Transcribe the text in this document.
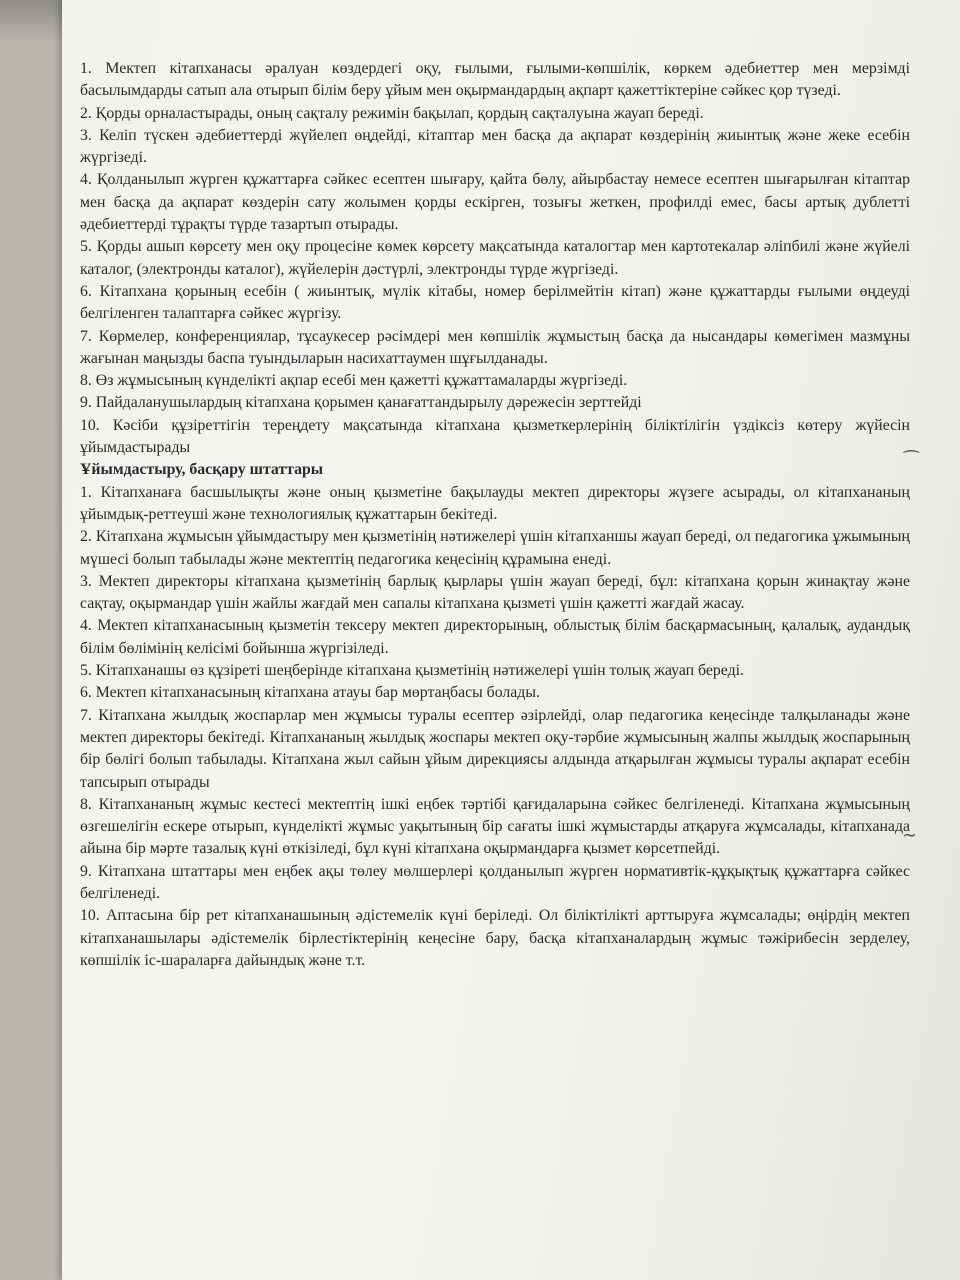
1. Мектеп кітапханасы әралуан көздердегі оқу, ғылыми, ғылыми-көпшілік, көркем әдебиеттер мен мерзімді басылымдарды сатып ала отырып білім беру ұйым мен оқырмандардың ақпарт қажеттіктеріне сәйкес қор түзеді.

2. Қорды орналастырады, оның сақталу режимін бақылап, қордың сақталуына жауап береді.

3. Келіп түскен әдебиеттерді жүйелеп өңдейді, кітаптар мен басқа да ақпарат көздерінің жиынтық және жеке есебін жүргізеді.

4. Қолданылып жүрген құжаттарға сәйкес есептен шығару, қайта бөлу, айырбастау немесе есептен шығарылған кітаптар мен басқа да ақпарат көздерін сату жолымен қорды ескірген, тозығы жеткен, профилді емес, басы артық дублетті әдебиеттерді тұрақты түрде тазартып отырады.

5. Қорды ашып көрсету мен оқу процесіне көмек көрсету мақсатында каталогтар мен картотекалар әліпбилі және жүйелі каталог, (электронды каталог), жүйелерін дәстүрлі, электронды түрде жүргізеді.

6. Кітапхана қорының есебін ( жиынтық, мүлік кітабы, номер берілмейтін кітап) және құжаттарды ғылыми өңдеуді белгіленген талаптарға сәйкес жүргізу.

7. Көрмелер, конференциялар, тұсаукесер рәсімдері мен көпшілік жұмыстың басқа да нысандары көмегімен мазмұны жағынан маңызды баспа туындыларын насихаттаумен шұғылданады.

8. Өз жұмысының күнделікті ақпар есебі мен қажетті құжаттамаларды жүргізеді.

9. Пайдаланушылардың кітапхана қорымен қанағаттандырылу дәрежесін зерттейді

10. Кәсіби құзіреттігін тереңдету мақсатында кітапхана қызметкерлерінің біліктілігін үздіксіз көтеру жүйесін ұйымдастырады

Ұйымдастыру, басқару штаттары

1. Кітапханаға басшылықты және оның қызметіне бақылауды мектеп директоры жүзеге асырады, ол кітапхананың ұйымдық-реттеуші және технологиялық құжаттарын бекітеді.

2. Кітапхана жұмысын ұйымдастыру мен қызметінің нәтижелері үшін кітапханшы жауап береді, ол педагогика ұжымының мүшесі болып табылады және мектептің педагогика кеңесінің құрамына енеді.

3. Мектеп директоры кітапхана қызметінің барлық қырлары үшін жауап береді, бұл: кітапхана қорын жинақтау және сақтау, оқырмандар үшін жайлы жағдай мен сапалы кітапхана қызметі үшін қажетті жағдай жасау.

4. Мектеп кітапханасының қызметін тексеру мектеп директорының, облыстық білім басқармасының, қалалық, аудандық білім бөлімінің келісімі бойынша жүргізіледі.

5. Кітапханашы өз құзіреті шеңберінде кітапхана қызметінің нәтижелері үшін толық жауап береді.

6. Мектеп кітапханасының кітапхана атауы бар мөртаңбасы болады.

7. Кітапхана жылдық жоспарлар мен жұмысы туралы есептер әзірлейді, олар педагогика кеңесінде талқыланады және мектеп директоры бекітеді. Кітапхананың жылдық жоспары мектеп оқу-тәрбие жұмысының жалпы жылдық жоспарының бір бөлігі болып табылады. Кітапхана жыл сайын ұйым дирекциясы алдында атқарылған жұмысы туралы ақпарат есебін тапсырып отырады

8. Кітапхананың жұмыс кестесі мектептің ішкі еңбек тәртібі қағидаларына сәйкес белгіленеді. Кітапхана жұмысының өзгешелігін ескере отырып, күнделікті жұмыс уақытының бір сағаты ішкі жұмыстарды атқаруға жұмсалады, кітапханада айына бір мәрте тазалық күні өткізіледі, бұл күні кітапхана оқырмандарға қызмет көрсетпейді.

9. Кітапхана штаттары мен еңбек ақы төлеу мөлшерлері қолданылып жүрген нормативтік-құқықтық құжаттарға сәйкес белгіленеді.

10. Аптасына бір рет кітапханашының әдістемелік күні беріледі. Ол біліктілікті арттыруға жұмсалады; өңірдің мектеп кітапханашылары әдістемелік бірлестіктерінің кеңесіне бару, басқа кітапханалардың жұмыс тәжірибесін зерделеу, көпшілік іс-шараларға дайындық және т.т.

⁀
∼
